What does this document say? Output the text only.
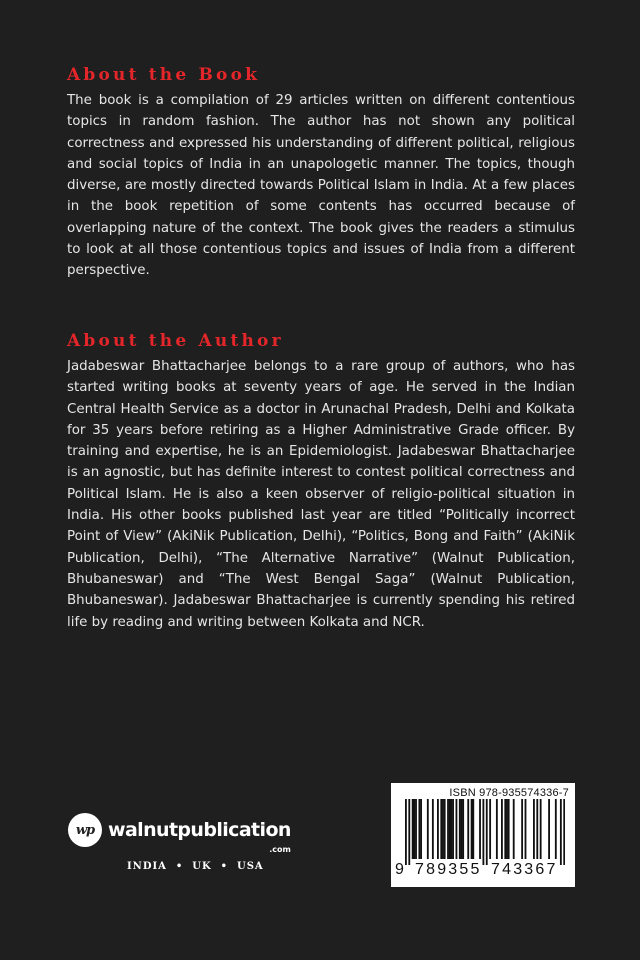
About the Book

The book is a compilation of 29 articles written on different contentious topics in random fashion. The author has not shown any political correctness and expressed his understanding of different political, religious and social topics of India in an unapologetic manner. The topics, though diverse, are mostly directed towards Political Islam in India. At a few places in the book repetition of some contents has occurred because of overlapping nature of the context. The book gives the readers a stimulus to look at all those contentious topics and issues of India from a different perspective.

About the Author

Jadabeswar Bhattacharjee belongs to a rare group of authors, who has started writing books at seventy years of age. He served in the Indian Central Health Service as a doctor in Arunachal Pradesh, Delhi and Kolkata for 35 years before retiring as a Higher Administrative Grade officer. By training and expertise, he is an Epidemiologist. Jadabeswar Bhattacharjee is an agnostic, but has definite interest to contest political correctness and Political Islam. He is also a keen observer of religio-political situation in India. His other books published last year are titled “Politically incorrect Point of View” (AkiNik Publication, Delhi), “Politics, Bong and Faith” (AkiNik Publication, Delhi), “The Alternative Narrative” (Walnut Publication, Bhubaneswar) and “The West Bengal Saga” (Walnut Publication, Bhubaneswar). Jadabeswar Bhattacharjee is currently spending his retired life by reading and writing between Kolkata and NCR.

wp walnutpublication
.com
INDIA  •  UK  •  USA
ISBN 978-935574336-7
9 789355 743367
